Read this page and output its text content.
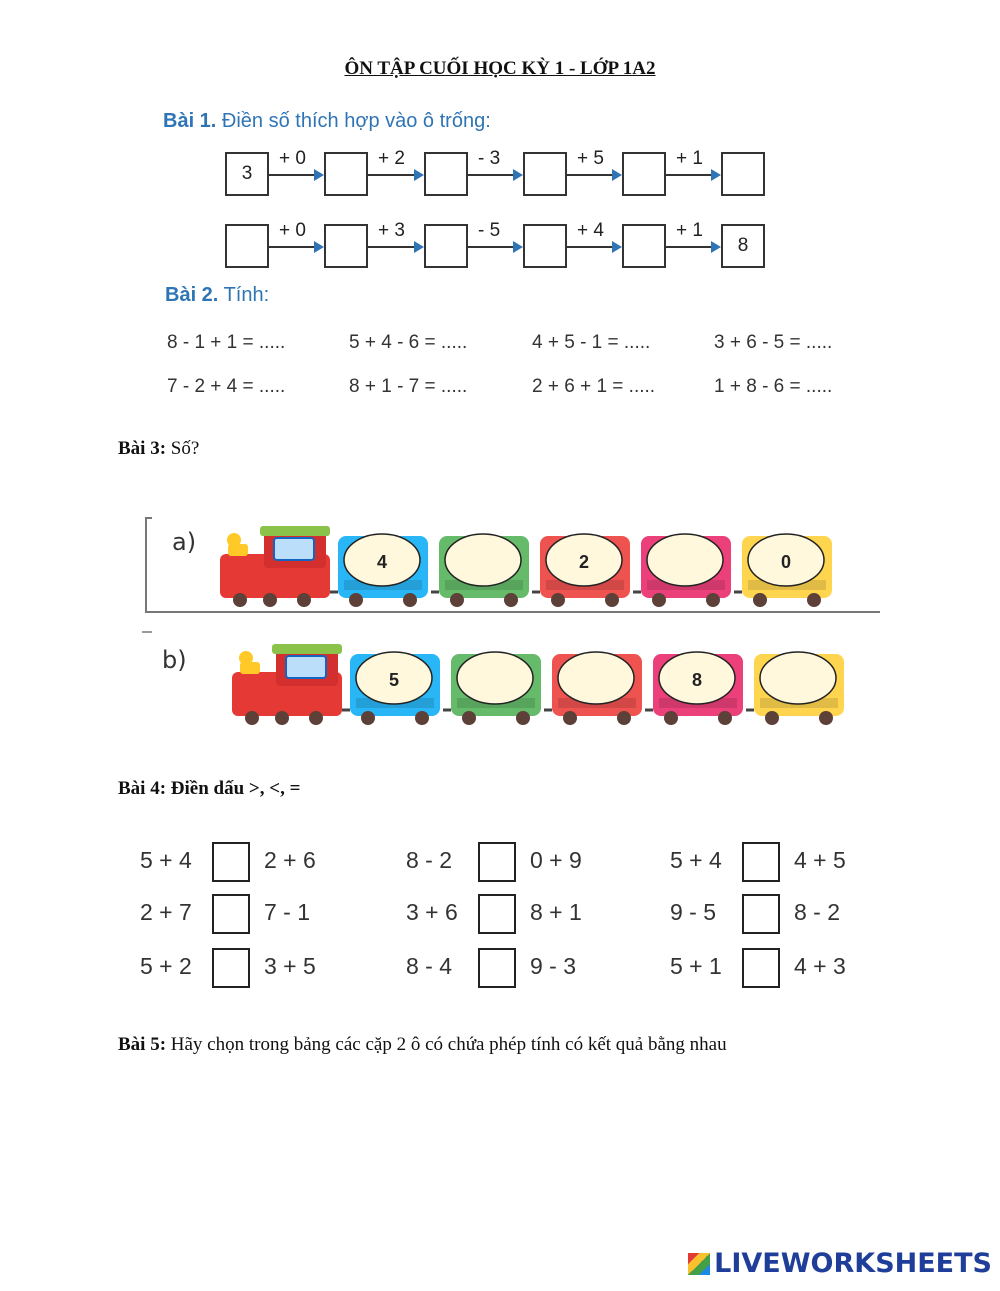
ÔN TẬP CUỐI HỌC KỲ 1 - LỚP 1A2
Bài 1. Điền số thích hợp vào ô trống:
3
+ 0	+ 2	- 3	+ 5	+ 1
8
+ 0	+ 3	- 5	+ 4	+ 1
Bài 2. Tính:
8 - 1 + 1 = .....	5 + 4 - 6 = .....	4 + 5 - 1 = .....	3 + 6 - 5 = .....
7 - 2 + 4 = .....	8 + 1 - 7 = .....	2 + 6 + 1 = .....	1 + 8 - 6 = .....
Bài 3: Số?
a)
b)
4	2	0
5	8
Bài 4: Điền dấu >, <, =
5 + 4	2 + 6	8 - 2	0 + 9	5 + 4	4 + 5
2 + 7	7 - 1	3 + 6	8 + 1	9 - 5	8 - 2
5 + 2	3 + 5	8 - 4	9 - 3	5 + 1	4 + 3
Bài 5: Hãy chọn trong bảng các cặp 2 ô có chứa phép tính có kết quả bằng nhau
LIVEWORKSHEETS
